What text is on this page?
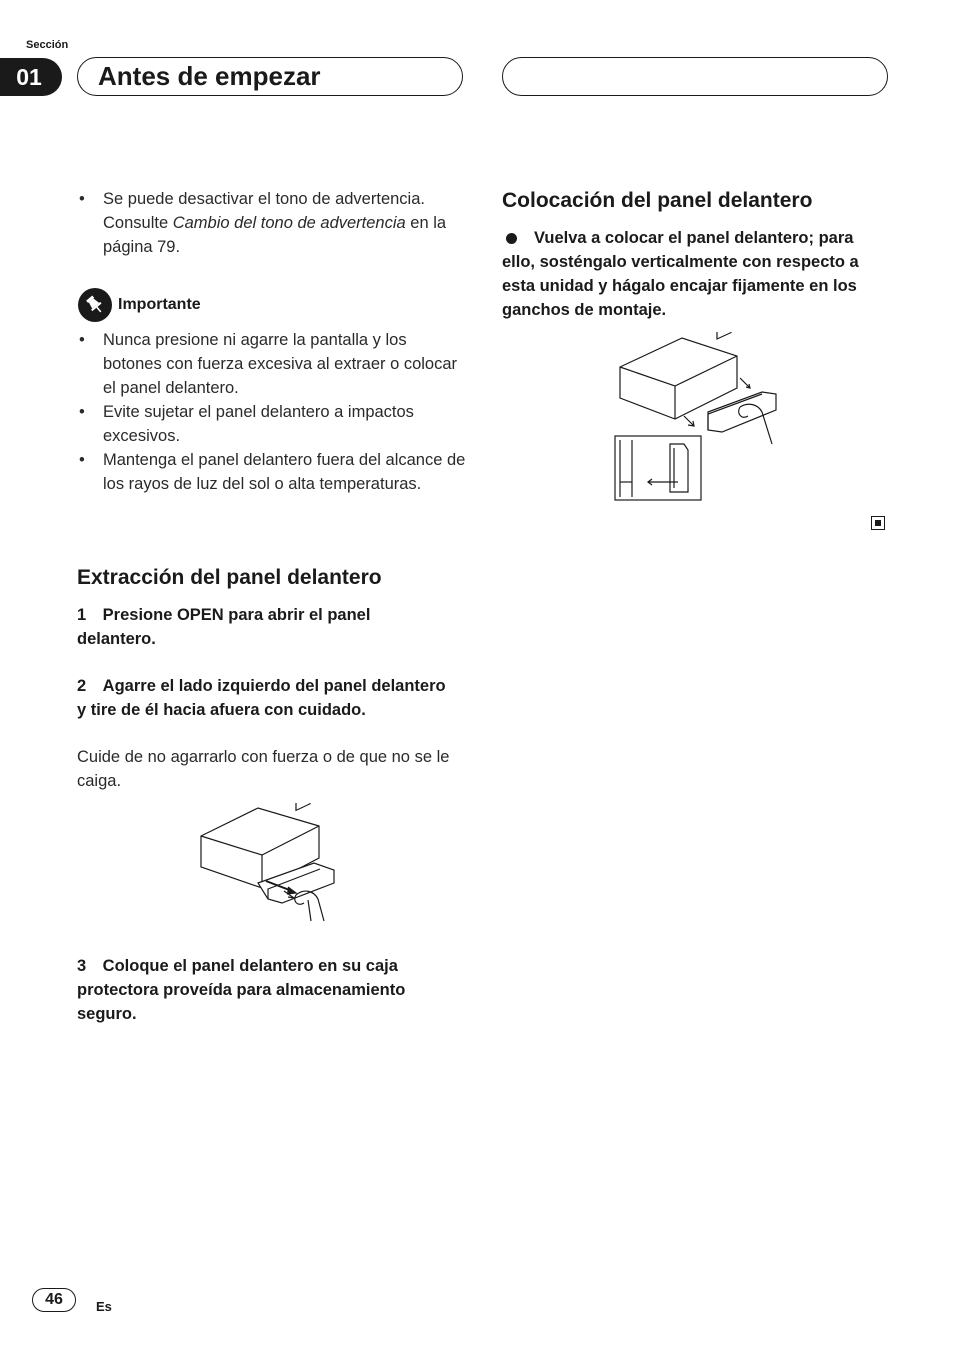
Sección
01	Antes de empezar
• Se puede desactivar el tono de advertencia. Consulte Cambio del tono de advertencia en la página 79.
Importante
• Nunca presione ni agarre la pantalla y los botones con fuerza excesiva al extraer o colocar el panel delantero.
• Evite sujetar el panel delantero a impactos excesivos.
• Mantenga el panel delantero fuera del alcance de los rayos de luz del sol o alta temperaturas.
Extracción del panel delantero
1 Presione OPEN para abrir el panel delantero.
2 Agarre el lado izquierdo del panel delantero y tire de él hacia afuera con cuidado.
Cuide de no agarrarlo con fuerza o de que no se le caiga.
3 Coloque el panel delantero en su caja protectora proveída para almacenamiento seguro.
Colocación del panel delantero
Vuelva a colocar el panel delantero; para ello, sosténgalo verticalmente con respecto a esta unidad y hágalo encajar fijamente en los ganchos de montaje.
46	Es
